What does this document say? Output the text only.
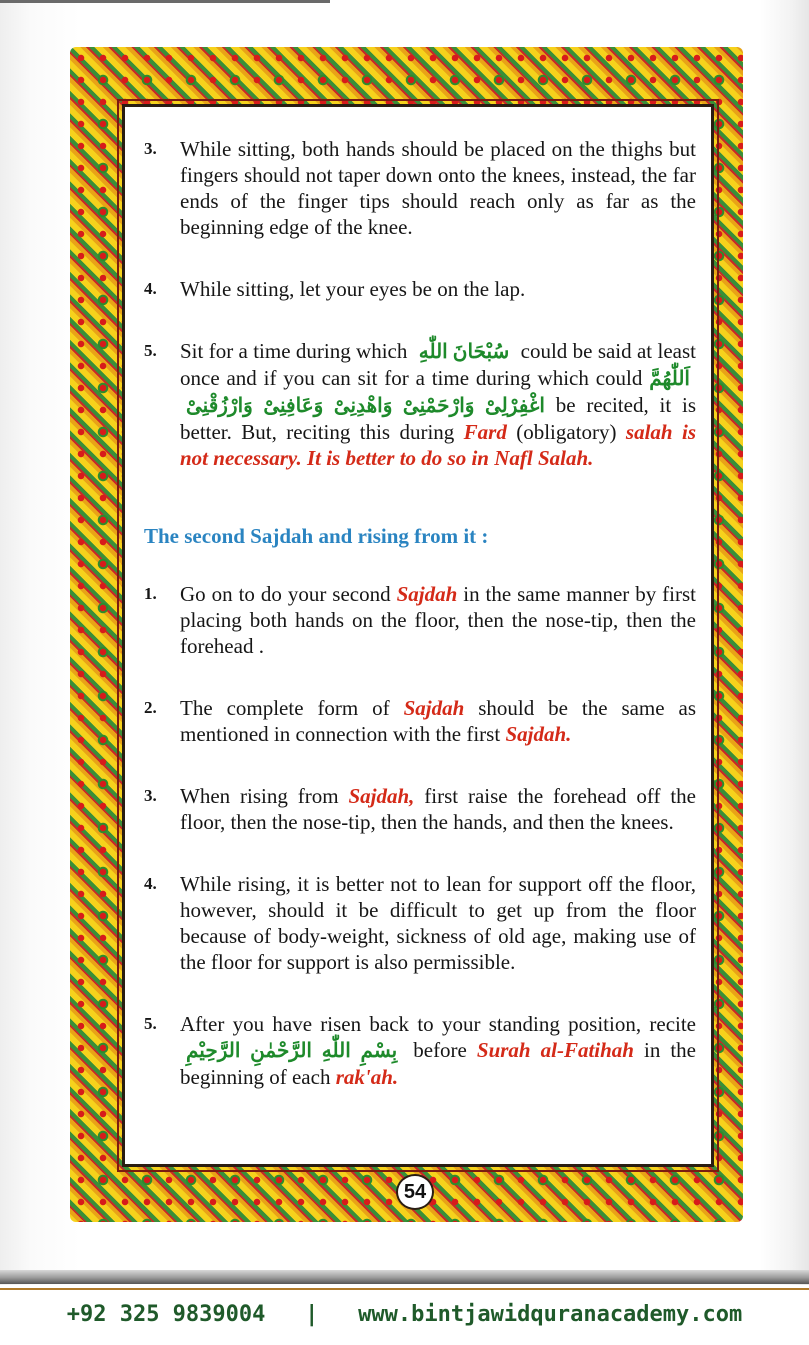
3. While sitting, both hands should be placed on the thighs but fingers should not taper down onto the knees, instead, the far ends of the finger tips should reach only as far as the beginning edge of the knee.
4. While sitting, let your eyes be on the lap.
5. Sit for a time during which سُبْحَانَ اللّٰهِ could be said at least once and if you can sit for a time during which could اَللّٰهُمَّ اغْفِرْلِیْ وَارْحَمْنِیْ وَاهْدِنِیْ وَعَافِنِیْ وَارْزُقْنِیْ be recited, it is better. But, reciting this during Fard (obligatory) salah is not necessary. It is better to do so in Nafl Salah.
The second Sajdah and rising from it :
1. Go on to do your second Sajdah in the same manner by first placing both hands on the floor, then the nose-tip, then the forehead .
2. The complete form of Sajdah should be the same as mentioned in connection with the first Sajdah.
3. When rising from Sajdah, first raise the forehead off the floor, then the nose-tip, then the hands, and then the knees.
4. While rising, it is better not to lean for support off the floor, however, should it be difficult to get up from the floor because of body-weight, sickness of old age, making use of the floor for support is also permissible.
5. After you have risen back to your standing position, recite بِسْمِ اللّٰهِ الرَّحْمٰنِ الرَّحِيْمِ before Surah al-Fatihah in the beginning of each rak'ah.
54
+92 325 9839004 | www.bintjawidquranacademy.com
